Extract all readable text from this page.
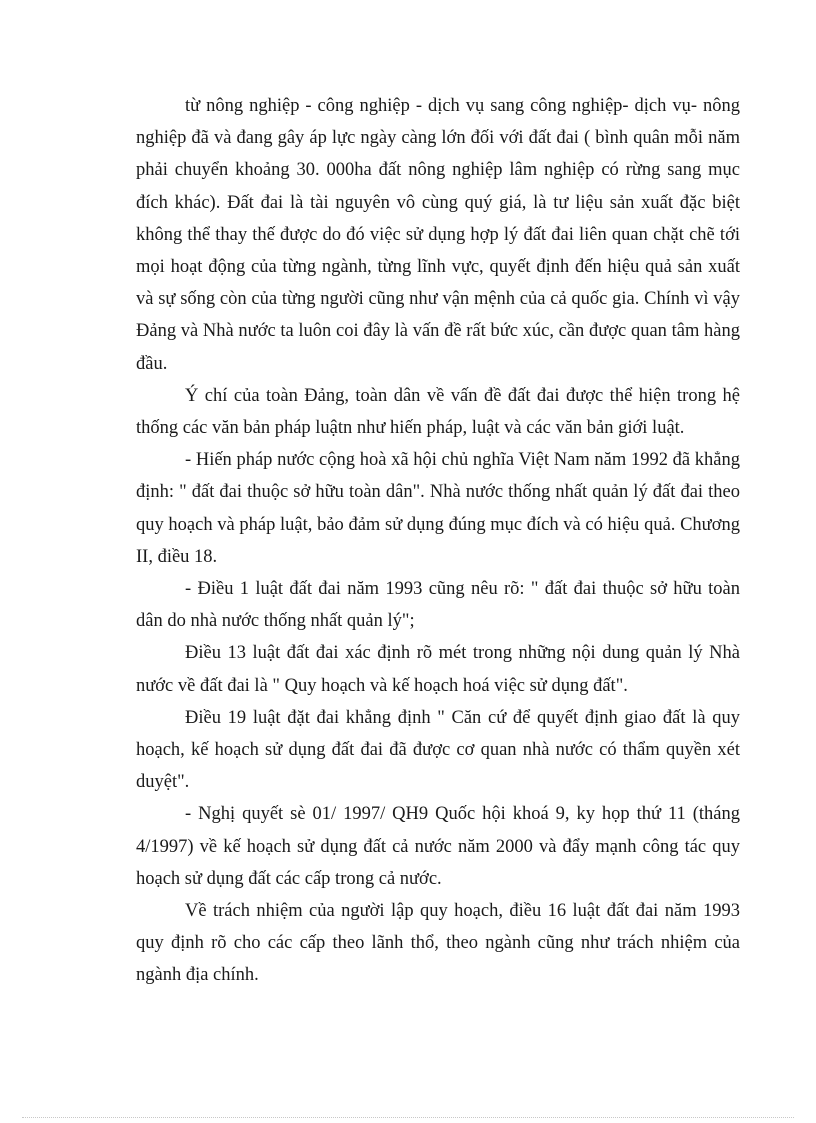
từ nông nghiệp - công nghiệp - dịch vụ sang công nghiệp- dịch vụ- nông nghiệp đã và đang gây áp lực ngày càng lớn đối với đất đai ( bình quân mỗi năm phải chuyển khoảng 30. 000ha đất nông nghiệp lâm nghiệp có rừng sang mục đích khác). Đất đai là tài nguyên vô cùng quý giá, là tư liệu sản xuất đặc biệt không thể thay thế được do đó việc sử dụng hợp lý đất đai liên quan chặt chẽ tới mọi hoạt động của từng ngành, từng lĩnh vực, quyết định đến hiệu quả sản xuất và sự sống còn của từng người cũng như vận mệnh của cả quốc gia. Chính vì vậy Đảng và Nhà nước ta luôn coi đây là vấn đề rất bức xúc, cần được quan tâm hàng đầu.

Ý chí của toàn Đảng, toàn dân về vấn đề đất đai được thể hiện trong hệ thống các văn bản pháp luậtn như hiến pháp, luật và các văn bản giới luật.

- Hiến pháp nước cộng hoà xã hội chủ nghĩa Việt Nam năm 1992 đã khẳng định: " đất đai thuộc sở hữu toàn dân". Nhà nước thống nhất quản lý đất đai theo quy hoạch và pháp luật, bảo đảm sử dụng đúng mục đích và có hiệu quả. Chương II, điều 18.

- Điều 1 luật đất đai năm 1993 cũng nêu rõ: " đất đai thuộc sở hữu toàn dân do nhà nước thống nhất quản lý";

Điều 13 luật đất đai xác định rõ mét trong những nội dung quản lý Nhà nước về đất đai là " Quy hoạch và kế hoạch hoá việc sử dụng đất".

Điều 19 luật đặt đai khẳng định " Căn cứ để quyết định giao đất là quy hoạch, kế hoạch sử dụng đất đai đã được cơ quan nhà nước có thẩm quyền xét duyệt".

- Nghị quyết sè 01/ 1997/ QH9 Quốc hội khoá 9, ky họp thứ 11 (tháng 4/1997) về kế hoạch sử dụng đất cả nước năm 2000 và đẩy mạnh công tác quy hoạch sử dụng đất các cấp trong cả nước.

Về trách nhiệm của người lập quy hoạch, điều 16 luật đất đai năm 1993 quy định rõ cho các cấp theo lãnh thổ, theo ngành cũng như trách nhiệm của ngành địa chính.
